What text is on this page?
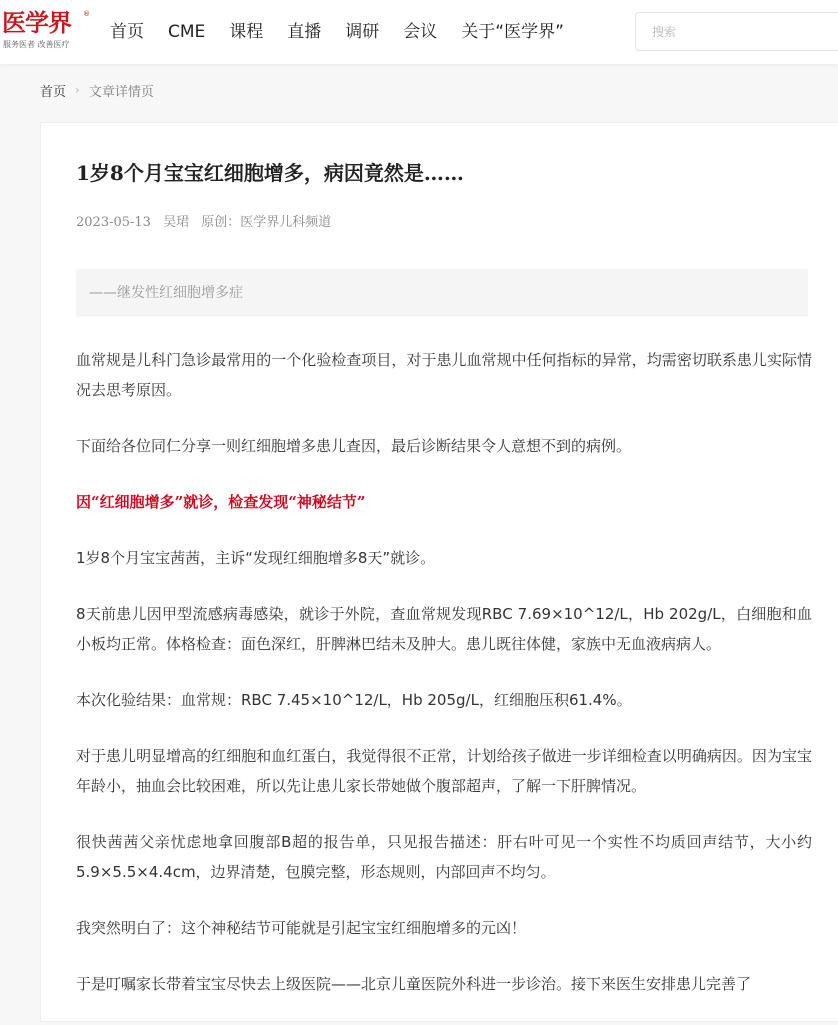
医学界 ®
服务医者 改善医疗
首页 CME 课程 直播 调研 会议 关于“医学界”
搜索
首页 › 文章详情页
1岁8个月宝宝红细胞增多，病因竟然是……
2023-05-13 吴珺 原创：医学界儿科频道
——继发性红细胞增多症

血常规是儿科门急诊最常用的一个化验检查项目，对于患儿血常规中任何指标的异常，均需密切联系患儿实际情况去思考原因。

下面给各位同仁分享一则红细胞增多患儿查因，最后诊断结果令人意想不到的病例。

因“红细胞增多”就诊，检查发现“神秘结节”

1岁8个月宝宝茜茜，主诉“发现红细胞增多8天”就诊。

8天前患儿因甲型流感病毒感染，就诊于外院，查血常规发现RBC 7.69×10^12/L，Hb 202g/L，白细胞和血小板均正常。体格检查：面色深红，肝脾淋巴结未及肿大。患儿既往体健，家族中无血液病病人。

本次化验结果：血常规：RBC 7.45×10^12/L，Hb 205g/L，红细胞压积61.4%。

对于患儿明显增高的红细胞和血红蛋白，我觉得很不正常，计划给孩子做进一步详细检查以明确病因。因为宝宝年龄小，抽血会比较困难，所以先让患儿家长带她做个腹部超声，了解一下肝脾情况。

很快茜茜父亲忧虑地拿回腹部B超的报告单，只见报告描述：肝右叶可见一个实性不均质回声结节，大小约5.9×5.5×4.4cm，边界清楚，包膜完整，形态规则，内部回声不均匀。

我突然明白了：这个神秘结节可能就是引起宝宝红细胞增多的元凶！

于是叮嘱家长带着宝宝尽快去上级医院——北京儿童医院外科进一步诊治。接下来医生安排患儿完善了
